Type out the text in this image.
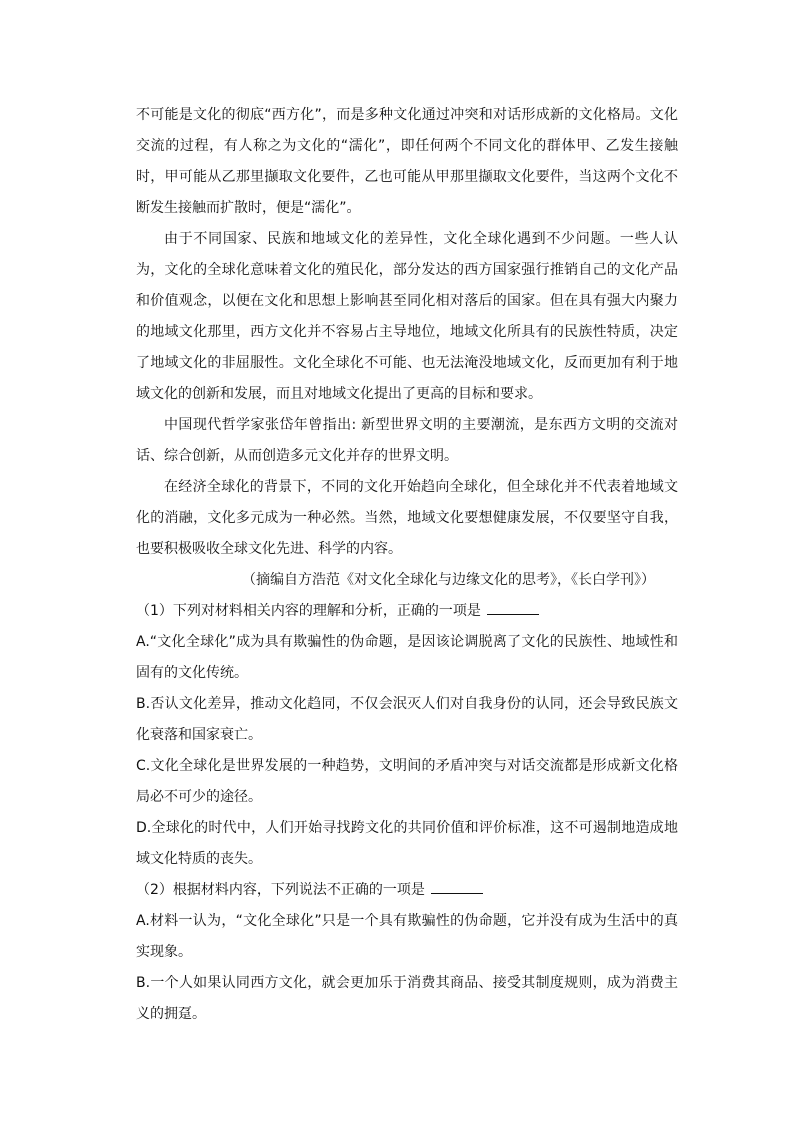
不可能是文化的彻底“西方化”，而是多种文化通过冲突和对话形成新的文化格局。文化交流的过程，有人称之为文化的“濡化”，即任何两个不同文化的群体甲、乙发生接触时，甲可能从乙那里撷取文化要件，乙也可能从甲那里撷取文化要件，当这两个文化不断发生接触而扩散时，便是“濡化”。

由于不同国家、民族和地域文化的差异性，文化全球化遇到不少问题。一些人认为，文化的全球化意味着文化的殖民化，部分发达的西方国家强行推销自己的文化产品和价值观念，以便在文化和思想上影响甚至同化相对落后的国家。但在具有强大内聚力的地域文化那里，西方文化并不容易占主导地位，地域文化所具有的民族性特质，决定了地域文化的非屈服性。文化全球化不可能、也无法淹没地域文化，反而更加有利于地域文化的创新和发展，而且对地域文化提出了更高的目标和要求。

中国现代哲学家张岱年曾指出: 新型世界文明的主要潮流，是东西方文明的交流对话、综合创新，从而创造多元文化并存的世界文明。

在经济全球化的背景下，不同的文化开始趋向全球化，但全球化并不代表着地域文化的消融，文化多元成为一种必然。当然，地域文化要想健康发展，不仅要坚守自我，也要积极吸收全球文化先进、科学的内容。

（摘编自方浩范《对文化全球化与边缘文化的思考》，《长白学刊》）

（1）下列对材料相关内容的理解和分析，正确的一项是

A.“文化全球化”成为具有欺骗性的伪命题，是因该论调脱离了文化的民族性、地域性和固有的文化传统。

B.否认文化差异，推动文化趋同，不仅会泯灭人们对自我身份的认同，还会导致民族文化衰落和国家衰亡。

C.文化全球化是世界发展的一种趋势，文明间的矛盾冲突与对话交流都是形成新文化格局必不可少的途径。

D.全球化的时代中，人们开始寻找跨文化的共同价值和评价标准，这不可遏制地造成地域文化特质的丧失。

（2）根据材料内容，下列说法不正确的一项是

A.材料一认为，“文化全球化”只是一个具有欺骗性的伪命题，它并没有成为生活中的真实现象。

B.一个人如果认同西方文化，就会更加乐于消费其商品、接受其制度规则，成为消费主义的拥趸。
